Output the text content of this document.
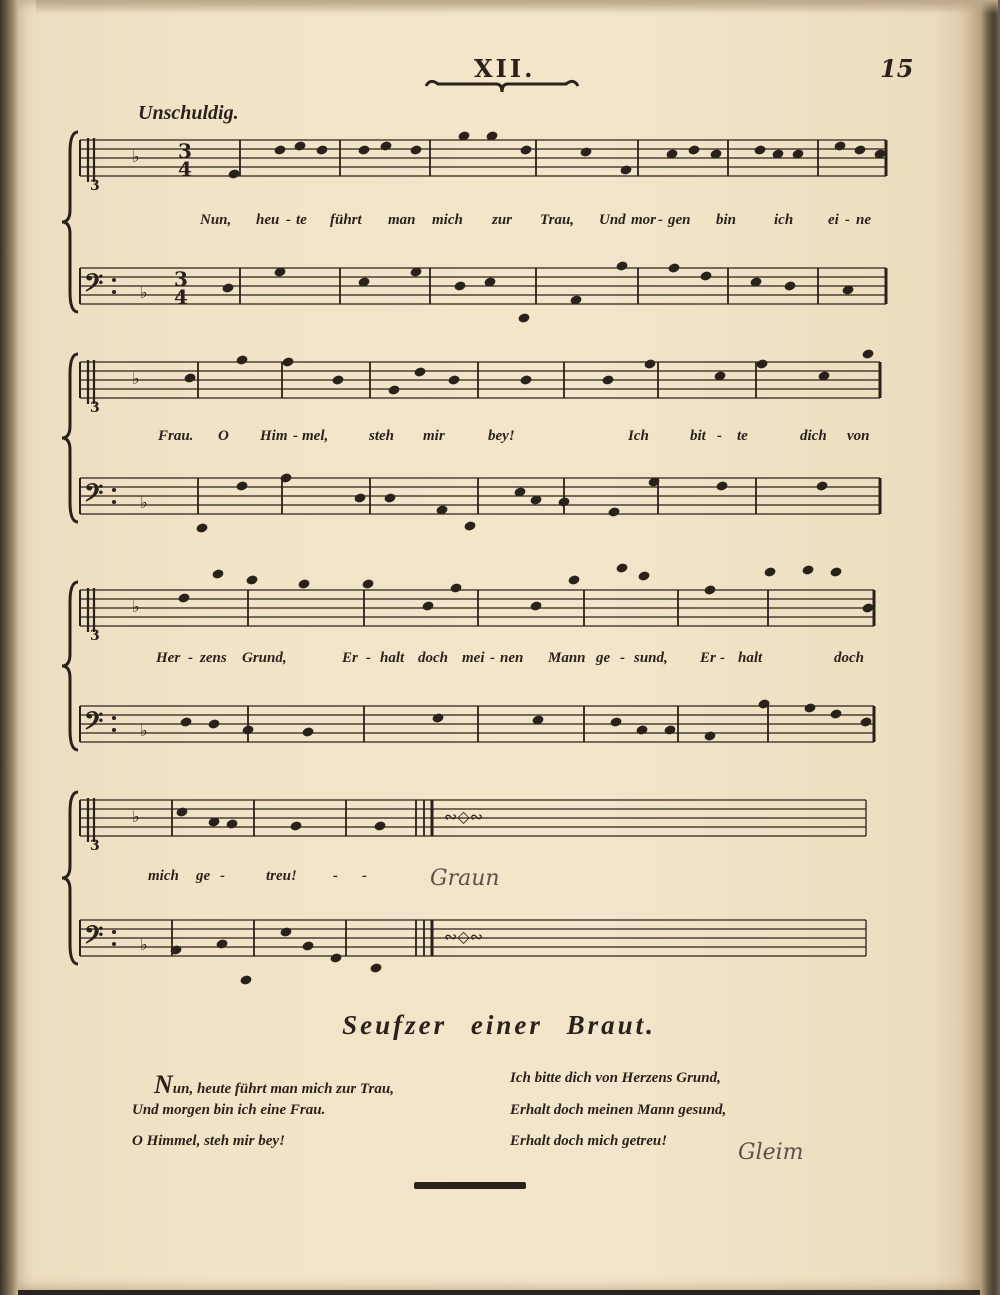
XII.	15
Unschuldig.
3
♭
𝄢 ♭
3
♭
𝄢 ♭
3
♭
𝄢 ♭
3
♭
𝄢 ♭
3
4
3
4
∾◇∾
∾◇∾
Nun, heu - te führt man mich zur Trau, Und mor - gen bin	ich ei - ne
Frau. O Him - mel,	steh mir	bey!	Ich	bit - te	dich von
Her - zens Grund,	Er - halt doch mei - nen Mann ge - sund, Er - halt	doch
mich ge -	treu! - -	Graun
Seufzer einer Braut.
Nun, heute führt man mich zur Trau,
Und morgen bin ich eine Frau.
O Himmel, steh mir bey!
Ich bitte dich von Herzens Grund,
Erhalt doch meinen Mann gesund,
Erhalt doch mich getreu!	Gleim
